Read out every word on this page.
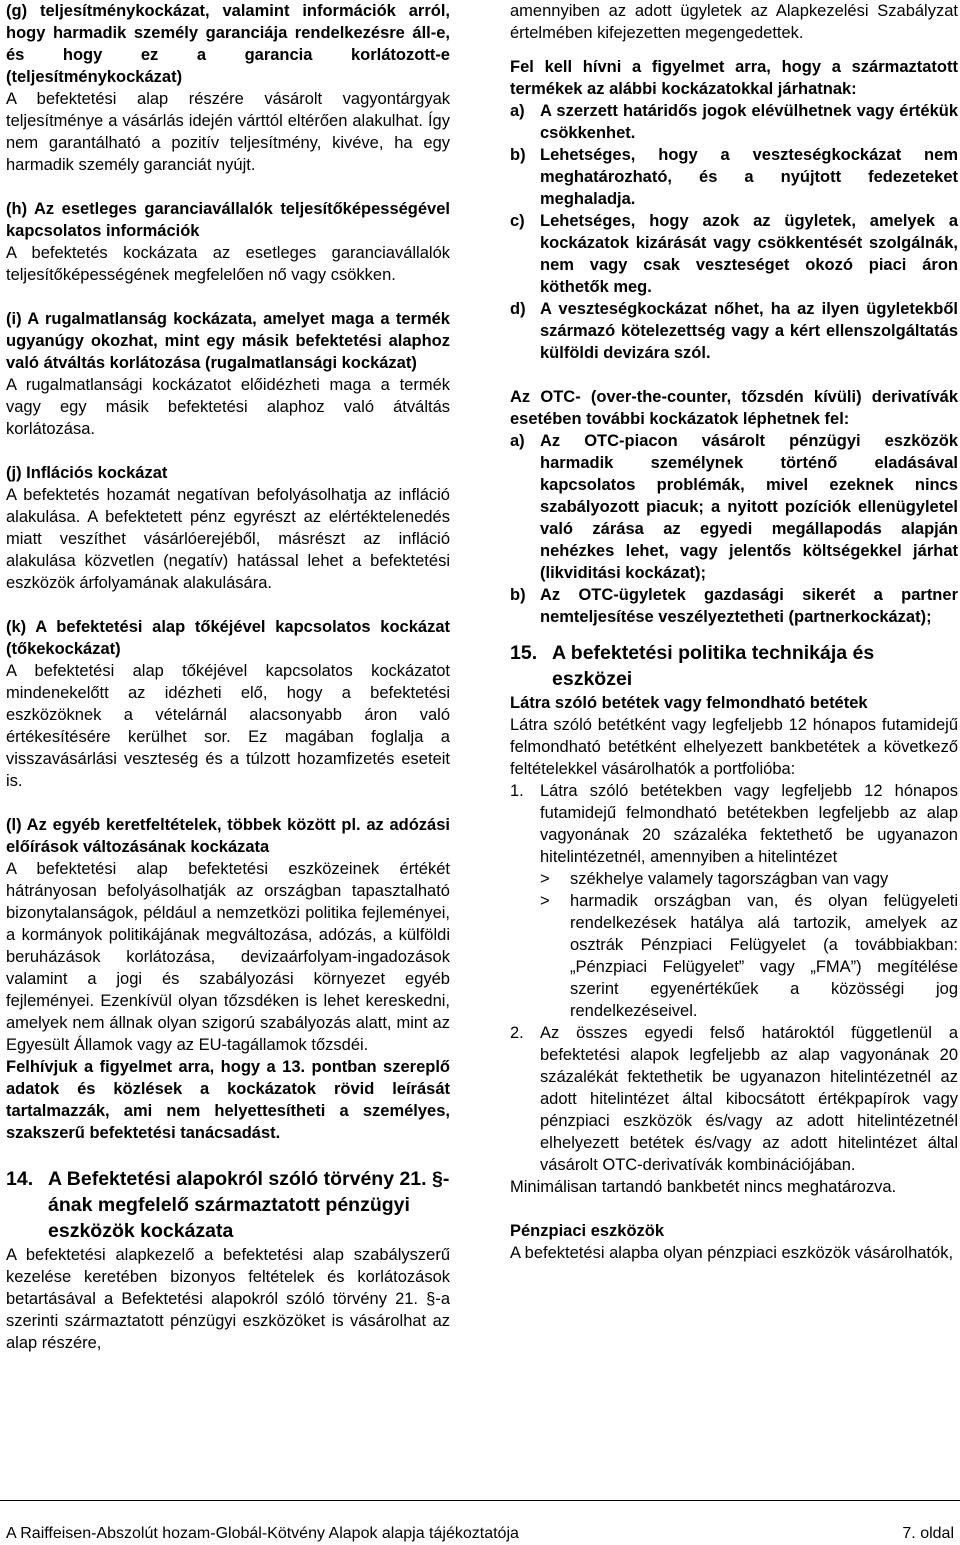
(g) teljesítménykockázat, valamint információk arról, hogy harmadik személy garanciája rendelkezésre áll-e, és hogy ez a garancia korlátozott-e (teljesítménykockázat)

A befektetési alap részére vásárolt vagyontárgyak teljesítménye a vásárlás idején várttól eltérően alakulhat. Így nem garantálható a pozitív teljesítmény, kivéve, ha egy harmadik személy garanciát nyújt.

(h) Az esetleges garanciavállalók teljesítőképességével kapcsolatos információk

A befektetés kockázata az esetleges garanciavállalók teljesítőképességének megfelelően nő vagy csökken.

(i) A rugalmatlanság kockázata, amelyet maga a termék ugyanúgy okozhat, mint egy másik befektetési alaphoz való átváltás korlátozása (rugalmatlansági kockázat)

A rugalmatlansági kockázatot előidézheti maga a termék vagy egy másik befektetési alaphoz való átváltás korlátozása.

(j) Inflációs kockázat

A befektetés hozamát negatívan befolyásolhatja az infláció alakulása. A befektetett pénz egyrészt az elértéktelenedés miatt veszíthet vásárlóerejéből, másrészt az infláció alakulása közvetlen (negatív) hatással lehet a befektetési eszközök árfolyamának alakulására.

(k) A befektetési alap tőkéjével kapcsolatos kockázat (tőkekockázat)

A befektetési alap tőkéjével kapcsolatos kockázatot mindenekelőtt az idézheti elő, hogy a befektetési eszközöknek a vételárnál alacsonyabb áron való értékesítésére kerülhet sor. Ez magában foglalja a visszavásárlási veszteség és a túlzott hozamfizetés eseteit is.

(l) Az egyéb keretfeltételek, többek között pl. az adózási előírások változásának kockázata

A befektetési alap befektetési eszközeinek értékét hátrányosan befolyásolhatják az országban tapasztalható bizonytalanságok, például a nemzetközi politika fejleményei, a kormányok politikájának megváltozása, adózás, a külföldi beruházások korlátozása, devizaárfolyam-ingadozások valamint a jogi és szabályozási környezet egyéb fejleményei. Ezenkívül olyan tőzsdéken is lehet kereskedni, amelyek nem állnak olyan szigorú szabályozás alatt, mint az Egyesült Államok vagy az EU-tagállamok tőzsdéi.

Felhívjuk a figyelmet arra, hogy a 13. pontban szereplő adatok és közlések a kockázatok rövid leírását tartalmazzák, ami nem helyettesítheti a személyes, szakszerű befektetési tanácsadást.

14. A Befektetési alapokról szóló törvény 21. §-ának megfelelő származtatott pénzügyi eszközök kockázata

A befektetési alapkezelő a befektetési alap szabályszerű kezelése keretében bizonyos feltételek és korlátozások betartásával a Befektetési alapokról szóló törvény 21. §-a szerinti származtatott pénzügyi eszközöket is vásárolhat az alap részére,

amennyiben az adott ügyletek az Alapkezelési Szabályzat értelmében kifejezetten megengedettek.

Fel kell hívni a figyelmet arra, hogy a származtatott termékek az alábbi kockázatokkal járhatnak:

a) A szerzett határidős jogok elévülhetnek vagy értékük csökkenhet.
b) Lehetséges, hogy a veszteségkockázat nem meghatározható, és a nyújtott fedezeteket meghaladja.
c) Lehetséges, hogy azok az ügyletek, amelyek a kockázatok kizárását vagy csökkentését szolgálnák, nem vagy csak veszteséget okozó piaci áron köthetők meg.
d) A veszteségkockázat nőhet, ha az ilyen ügyletekből származó kötelezettség vagy a kért ellenszolgáltatás külföldi devizára szól.

Az OTC- (over-the-counter, tőzsdén kívüli) derivatívák esetében további kockázatok léphetnek fel:

a) Az OTC-piacon vásárolt pénzügyi eszközök harmadik személynek történő eladásával kapcsolatos problémák, mivel ezeknek nincs szabályozott piacuk; a nyitott pozíciók ellenügyletel való zárása az egyedi megállapodás alapján nehézkes lehet, vagy jelentős költségekkel járhat (likviditási kockázat);
b) Az OTC-ügyletek gazdasági sikerét a partner nemteljesítése veszélyeztetheti (partnerkockázat);
15. A befektetési politika technikája és eszközei

Látra szóló betétek vagy felmondható betétek

Látra szóló betétként vagy legfeljebb 12 hónapos futamidejű felmondható betétként elhelyezett bankbetétek a következő feltételekkel vásárolhatók a portfolióba:

1. Látra szóló betétekben vagy legfeljebb 12 hónapos futamidejű felmondható betétekben legfeljebb az alap vagyonának 20 százaléka fektethető be ugyanazon hitelintézetnél, amennyiben a hitelintézet
>	székhelye valamely tagországban van vagy
>	harmadik országban van, és olyan felügyeleti rendelkezések hatálya alá tartozik, amelyek az osztrák Pénzpiaci Felügyelet (a továbbiakban: „Pénzpiaci Felügyelet” vagy „FMA”) megítélése szerint egyenértékűek a közösségi jog rendelkezéseivel.
2. Az összes egyedi felső határoktól függetlenül a befektetési alapok legfeljebb az alap vagyonának 20 százalékát fektethetik be ugyanazon hitelintézetnél az adott hitelintézet által kibocsátott értékpapírok vagy pénzpiaci eszközök és/vagy az adott hitelintézetnél elhelyezett betétek és/vagy az adott hitelintézet által vásárolt OTC-derivatívák kombinációjában.

Minimálisan tartandó bankbetét nincs meghatározva.

Pénzpiaci eszközök

A befektetési alapba olyan pénzpiaci eszközök vásárolhatók,

A Raiffeisen-Abszolút hozam-Globál-Kötvény Alapok alapja tájékoztatója	7. oldal
